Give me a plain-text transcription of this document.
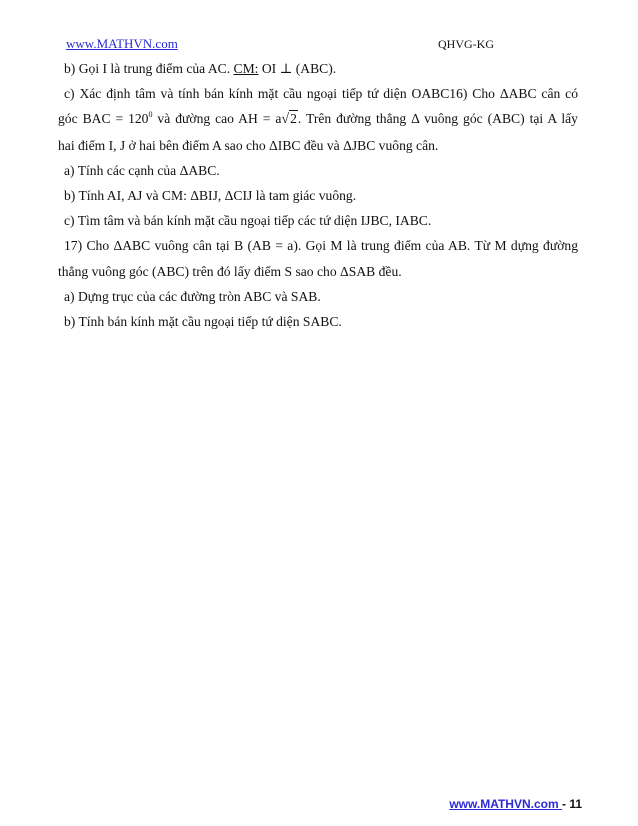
www.MATHVN.com	QHVG-KG
b) Gọi I là trung điểm của AC. CM: OI ⊥ (ABC).
c) Xác định tâm và tính bán kính mặt cầu ngoại tiếp tứ diện OABC16) Cho ΔABC cân có
góc BAC = $120^0$ và đường cao AH = a√2. Trên đường thẳng Δ vuông góc (ABC) tại A lấy
hai điểm I, J ở hai bên điểm A sao cho ΔIBC đều và ΔJBC vuông cân.
a) Tính các cạnh của ΔABC.
b) Tính AI, AJ và CM: ΔBIJ, ΔCIJ là tam giác vuông.
c) Tìm tâm và bán kính mặt cầu ngoại tiếp các tứ diện IJBC, IABC.
17) Cho ΔABC vuông cân tại B (AB = a). Gọi M là trung điểm của AB. Từ M dựng đường
thẳng vuông góc (ABC) trên đó lấy điểm S sao cho ΔSAB đều.
a) Dựng trục của các đường tròn ABC và SAB.
b) Tính bán kính mặt cầu ngoại tiếp tứ diện SABC.
www.MATHVN.com - 11
